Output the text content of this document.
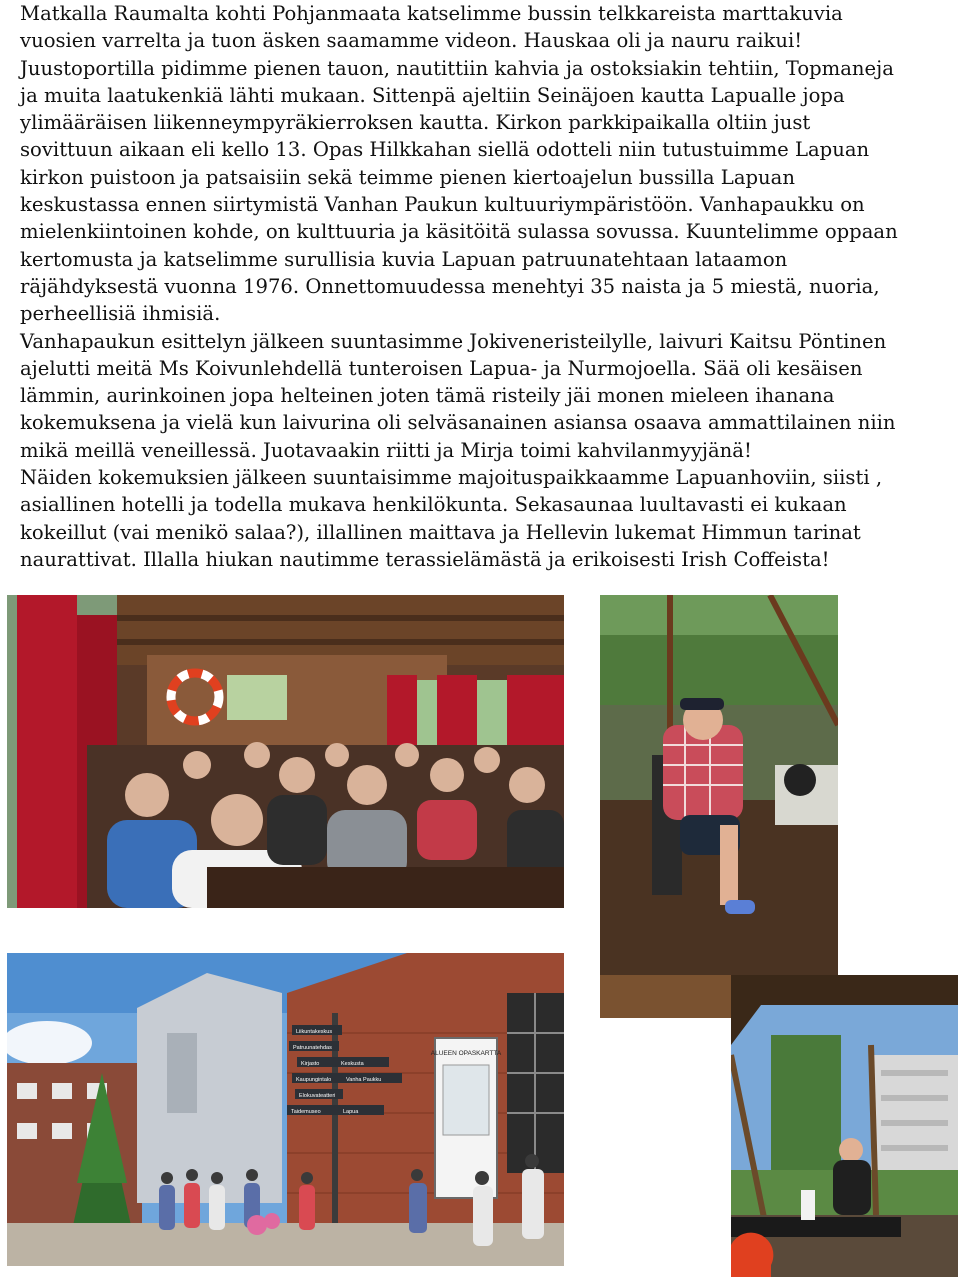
Matkalla Raumalta kohti Pohjanmaata katselimme bussin telkkareista marttakuvia
vuosien varrelta ja tuon äsken saamamme videon. Hauskaa oli ja nauru raikui!
Juustoportilla pidimme pienen tauon, nautittiin kahvia ja ostoksiakin tehtiin, Topmaneja
ja muita laatukenkiä lähti mukaan. Sittenpä ajeltiin Seinäjoen kautta Lapualle jopa
ylimääräisen liikenneympyräkierroksen kautta. Kirkon parkkipaikalla oltiin just
sovittuun aikaan eli kello 13. Opas Hilkkahan siellä odotteli niin tutustuimme Lapuan
kirkon puistoon ja patsaisiin sekä teimme pienen kiertoajelun bussilla Lapuan
keskustassa ennen siirtymistä Vanhan Paukun kultuuriympäristöön. Vanhapaukku on
mielenkiintoinen kohde, on kulttuuria ja käsitöitä sulassa sovussa. Kuuntelimme oppaan
kertomusta ja katselimme surullisia kuvia Lapuan patruunatehtaan lataamon
räjähdyksestä vuonna 1976. Onnettomuudessa menehtyi 35 naista ja 5 miestä, nuoria,
perheellisiä ihmisiä.
Vanhapaukun esittelyn jälkeen suuntasimme Jokiveneristeilylle, laivuri Kaitsu Pöntinen
ajelutti meitä Ms Koivunlehdellä tunteroisen Lapua- ja Nurmojoella. Sää oli kesäisen
lämmin, aurinkoinen jopa helteinen joten tämä risteily jäi monen mieleen ihanana
kokemuksena ja vielä kun laivurina oli selväsanainen asiansa osaava ammattilainen niin
mikä meillä veneillessä. Juotavaakin riitti ja Mirja toimi kahvilanmyyjänä!
Näiden kokemuksien jälkeen suuntaisimme majoituspaikkaamme Lapuanhoviin, siisti ,
asiallinen hotelli ja todella mukava henkilökunta. Sekasaunaa luultavasti ei kukaan
kokeillut (vai menikö salaa?), illallinen maittava ja Hellevin lukemat Himmun tarinat
naurattivat. Illalla hiukan nautimme terassielämästä ja erikoisesti Irish Coffeista!
ALUEEN OPASKARTTA
Liikuntakeskus
Patruunatehdas
Kirjasto
Kaupungintalo
Keskusta
Vanha Paukku
Elokuvateatteri
Taidemuseo	Lapua
